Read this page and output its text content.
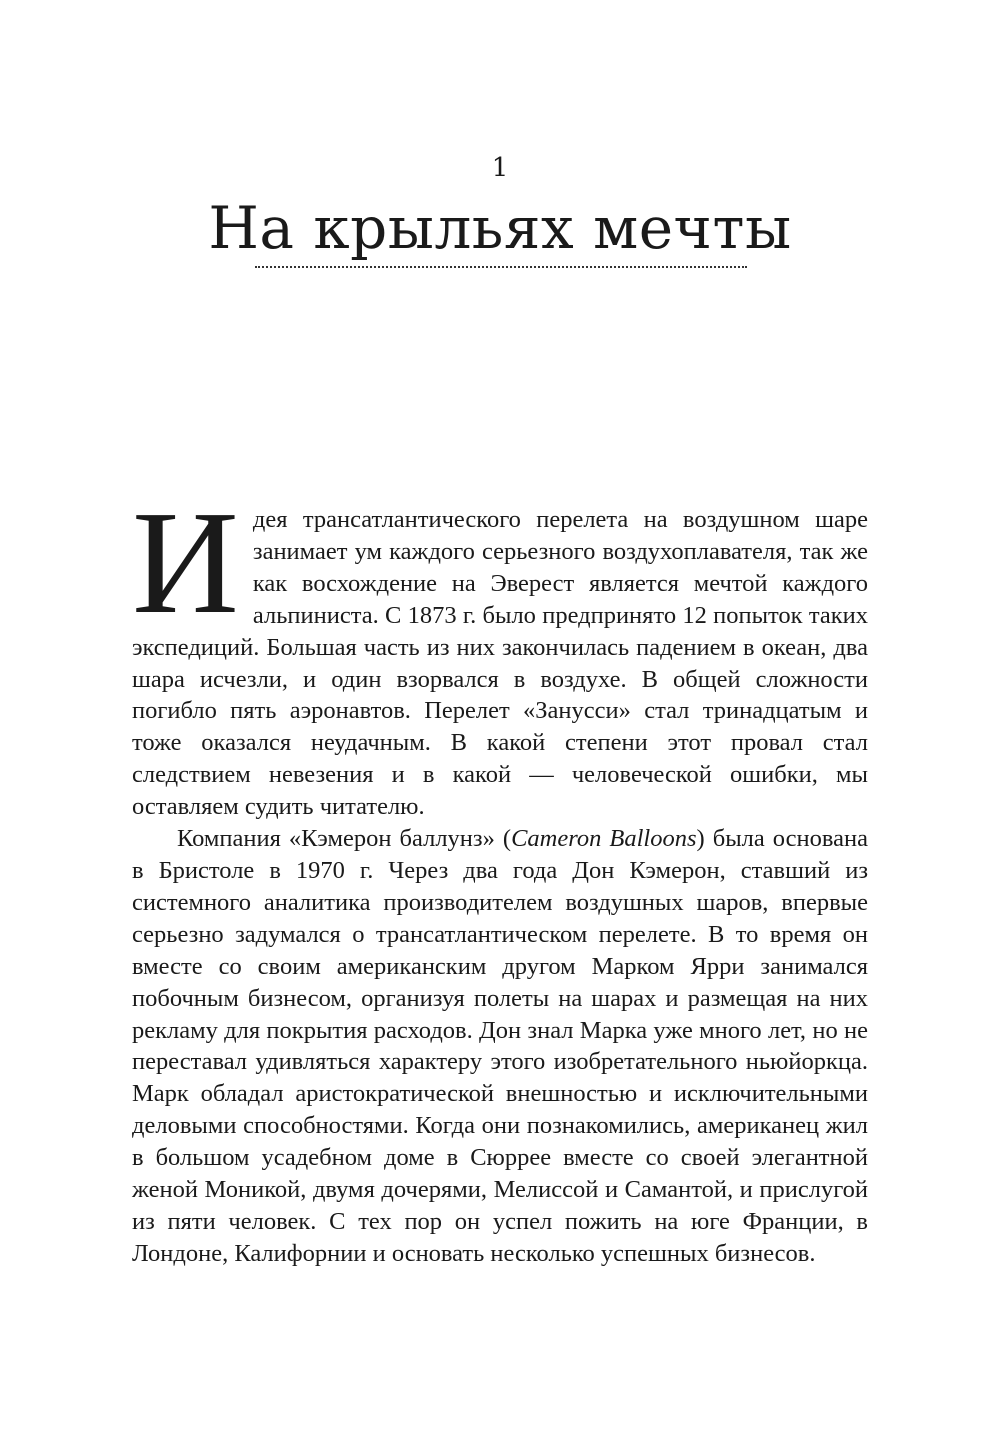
1
На крыльях мечты

Идея трансатлантического перелета на воздушном шаре занимает ум каждого серьезного воздухоплавателя, так же как восхождение на Эверест является мечтой каждого альпиниста. С 1873 г. было предпринято 12 попыток таких экспедиций. Большая часть из них закончилась падением в океан, два шара исчезли, и один взорвался в воздухе. В общей сложности погибло пять аэронавтов. Перелет «Занусси» стал тринадцатым и тоже оказался неудачным. В какой степени этот провал стал следствием невезения и в какой — человеческой ошибки, мы оставляем судить читателю.

Компания «Кэмерон баллунз» (Cameron Balloons) была основана в Бристоле в 1970 г. Через два года Дон Кэмерон, ставший из системного аналитика производителем воздушных шаров, впервые серьезно задумался о трансатлантическом перелете. В то время он вместе со своим американским другом Марком Ярри занимался побочным бизнесом, организуя полеты на шарах и размещая на них рекламу для покрытия расходов. Дон знал Марка уже много лет, но не переставал удивляться характеру этого изобретательного ньюйоркца. Марк обладал аристократической внешностью и исключительными деловыми способностями. Когда они познакомились, американец жил в большом усадебном доме в Сюррее вместе со своей элегантной женой Моникой, двумя дочерями, Мелиссой и Самантой, и прислугой из пяти человек. С тех пор он успел пожить на юге Франции, в Лондоне, Калифорнии и основать несколько успешных бизнесов.
